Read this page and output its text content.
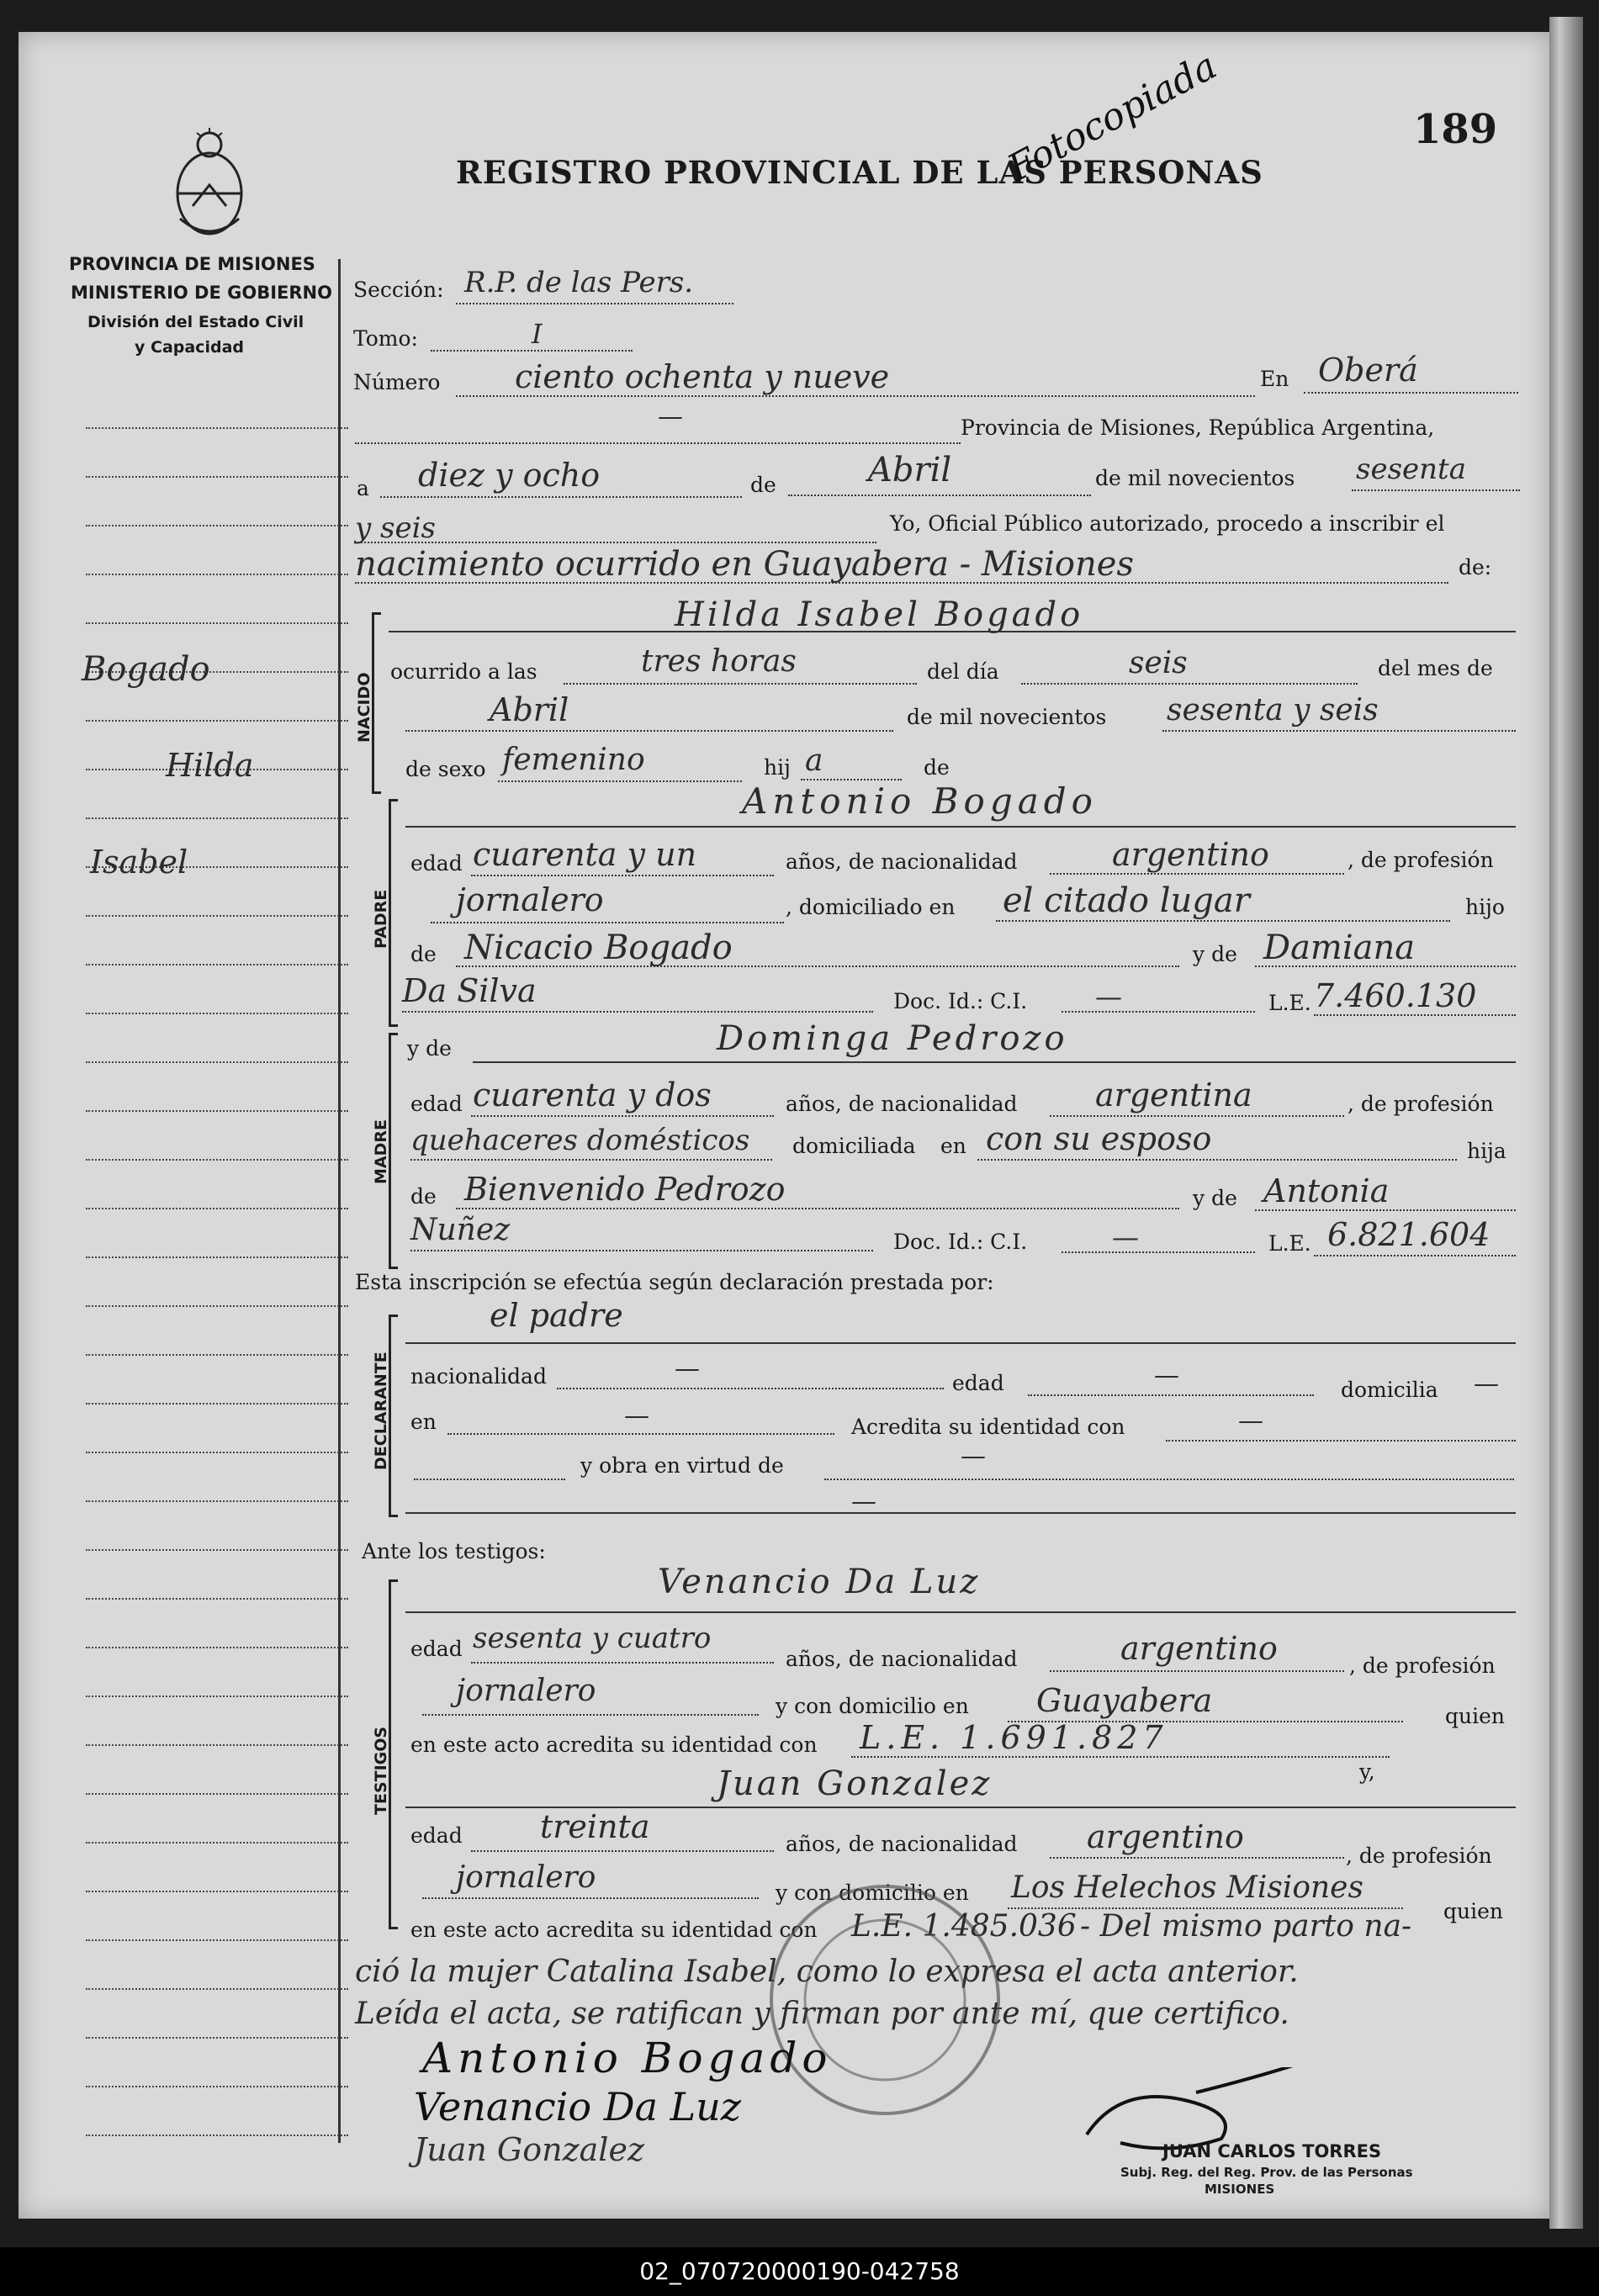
PROVINCIA DE MISIONES
MINISTERIO DE GOBIERNO
División del Estado Civil
y Capacidad
REGISTRO PROVINCIAL DE LAS PERSONAS
189
Fotocopiada
Bogado
Hilda
Isabel
Sección: R.P. de las Pers.
Tomo:	I
Número ciento ochenta y nueve	En Oberá
—	Provincia de Misiones, República Argentina,
a diez y ocho	de	Abril	de mil novecientos sesenta
y seis	Yo, Oficial Público autorizado, procedo a inscribir el
nacimiento ocurrido en Guayabera - Misiones	de:
NACIDO
Hilda Isabel Bogado
ocurrido a las	tres horas	del día	seis	del mes de
Abril	de mil novecientos sesenta y seis
de sexo femenino	hij a	de
PADRE
Antonio Bogado
edad cuarenta y un	años, de nacionalidad	argentino	, de profesión
jornalero	, domiciliado en el citado lugar	hijo
de Nicacio Bogado	y de Damiana
Da Silva	Doc. Id.: C.I.	—	L.E. 7.460.130
MADRE
y de	Dominga Pedrozo
edad cuarenta y dos	años, de nacionalidad argentina	, de profesión
quehaceres domésticos domiciliada en con su esposo	hija
de Bienvenido Pedrozo	y de Antonia
Nuñez	Doc. Id.: C.I.	—	L.E. 6.821.604
Esta inscripción se efectúa según declaración prestada por:
DECLARANTE
el padre
nacionalidad	—	edad	—	domicilia —
en	—	Acredita su identidad con	—
y obra en virtud de	—
—
Ante los testigos:
TESTIGOS
Venancio Da Luz
edad sesenta y cuatro
años, de nacionalidad	argentino	, de profesión
jornalero	y con domicilio en Guayabera	quien
en este acto acredita su identidad con L.E. 1.691.827
y,
Juan Gonzalez
edad treinta	años, de nacionalidad argentino
, de profesión
jornalero	y con domicilio en Los Helechos Misiones
quien
en este acto acredita su identidad con L.E. 1.485.036 - Del mismo parto na-
ció la mujer Catalina Isabel, como lo expresa el acta anterior.
Leída el acta, se ratifican y firman por ante mí, que certifico.
Antonio Bogado
Venancio Da Luz
Juan Gonzalez	JUAN CARLOS TORRES
Subj. Reg. del Reg. Prov. de las Personas
MISIONES
02_070720000190-042758
